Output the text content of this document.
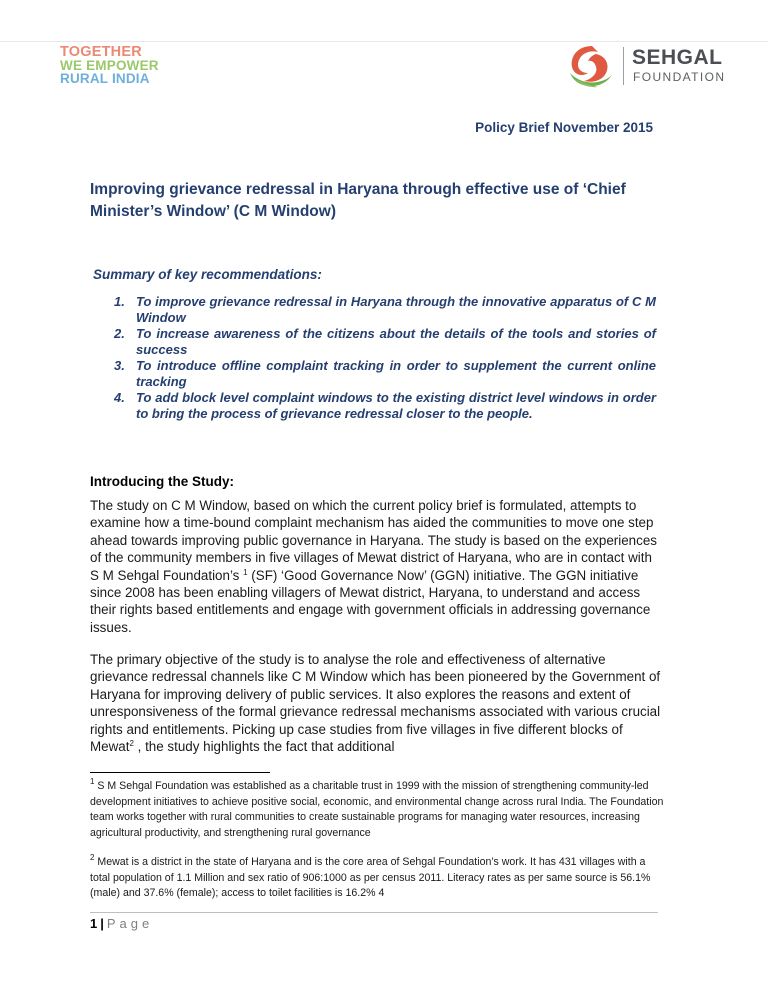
TOGETHER
WE EMPOWER
RURAL INDIA
SEHGAL
FOUNDATION
Policy Brief November 2015
Improving grievance redressal in Haryana through effective use of ‘Chief Minister’s Window’ (C M Window)
Summary of key recommendations:
1. To improve grievance redressal in Haryana through the innovative apparatus of C M Window
2. To increase awareness of the citizens about the details of the tools and stories of success
3. To introduce offline complaint tracking in order to supplement the current online tracking
4. To add block level complaint windows to the existing district level windows in order to bring the process of grievance redressal closer to the people.
Introducing the Study:

The study on C M Window, based on which the current policy brief is formulated, attempts to examine how a time-bound complaint mechanism has aided the communities to move one step ahead towards improving public governance in Haryana. The study is based on the experiences of the community members in five villages of Mewat district of Haryana, who are in contact with S M Sehgal Foundation’s $^1$ (SF) ‘Good Governance Now’ (GGN) initiative. The GGN initiative since 2008 has been enabling villagers of Mewat district, Haryana, to understand and access their rights based entitlements and engage with government officials in addressing governance issues.

The primary objective of the study is to analyse the role and effectiveness of alternative grievance redressal channels like C M Window which has been pioneered by the Government of Haryana for improving delivery of public services. It also explores the reasons and extent of unresponsiveness of the formal grievance redressal mechanisms associated with various crucial rights and entitlements. Picking up case studies from five villages in five different blocks of Mewat$^2$ , the study highlights the fact that additional

$^1$ S M Sehgal Foundation was established as a charitable trust in 1999 with the mission of strengthening community-led development initiatives to achieve positive social, economic, and environmental change across rural India. The Foundation team works together with rural communities to create sustainable programs for managing water resources, increasing agricultural productivity, and strengthening rural governance

$^2$ Mewat is a district in the state of Haryana and is the core area of Sehgal Foundation’s work. It has 431 villages with a total population of 1.1 Million and sex ratio of 906:1000 as per census 2011. Literacy rates as per same source is 56.1% (male) and 37.6% (female); access to toilet facilities is 16.2% 4

1 | Page
